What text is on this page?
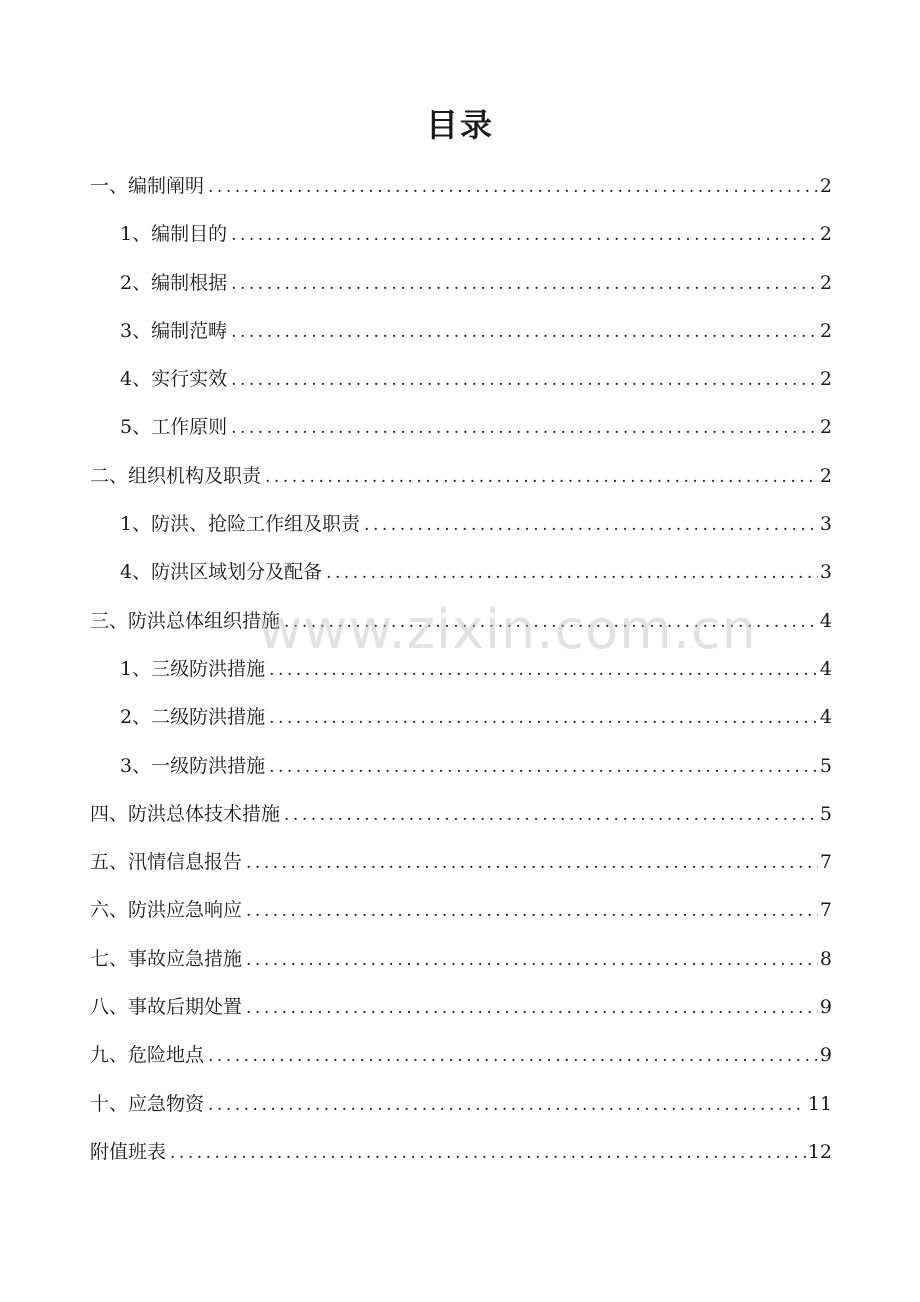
目录
一、编制阐明 .....	2
1、编制目的 .....	2
2、编制根据 .....	2
3、编制范畴 .....	2
4、实行实效 .....	2
5、工作原则 .....	2
二、组织机构及职责 .....	2
1、防洪、抢险工作组及职责 .....	3
4、防洪区域划分及配备 .....	3
三、防洪总体组织措施 .....	4
1、三级防洪措施 .....	4
2、二级防洪措施 .....	4
3、一级防洪措施 .....	5
四、防洪总体技术措施 .....	5
五、汛情信息报告 .....	7
六、防洪应急响应 .....	7
七、事故应急措施 .....	8
八、事故后期处置 .....	9
九、危险地点 .....	9
十、应急物资 .....	11
附值班表 .....	12
www.zixin.com.cn
